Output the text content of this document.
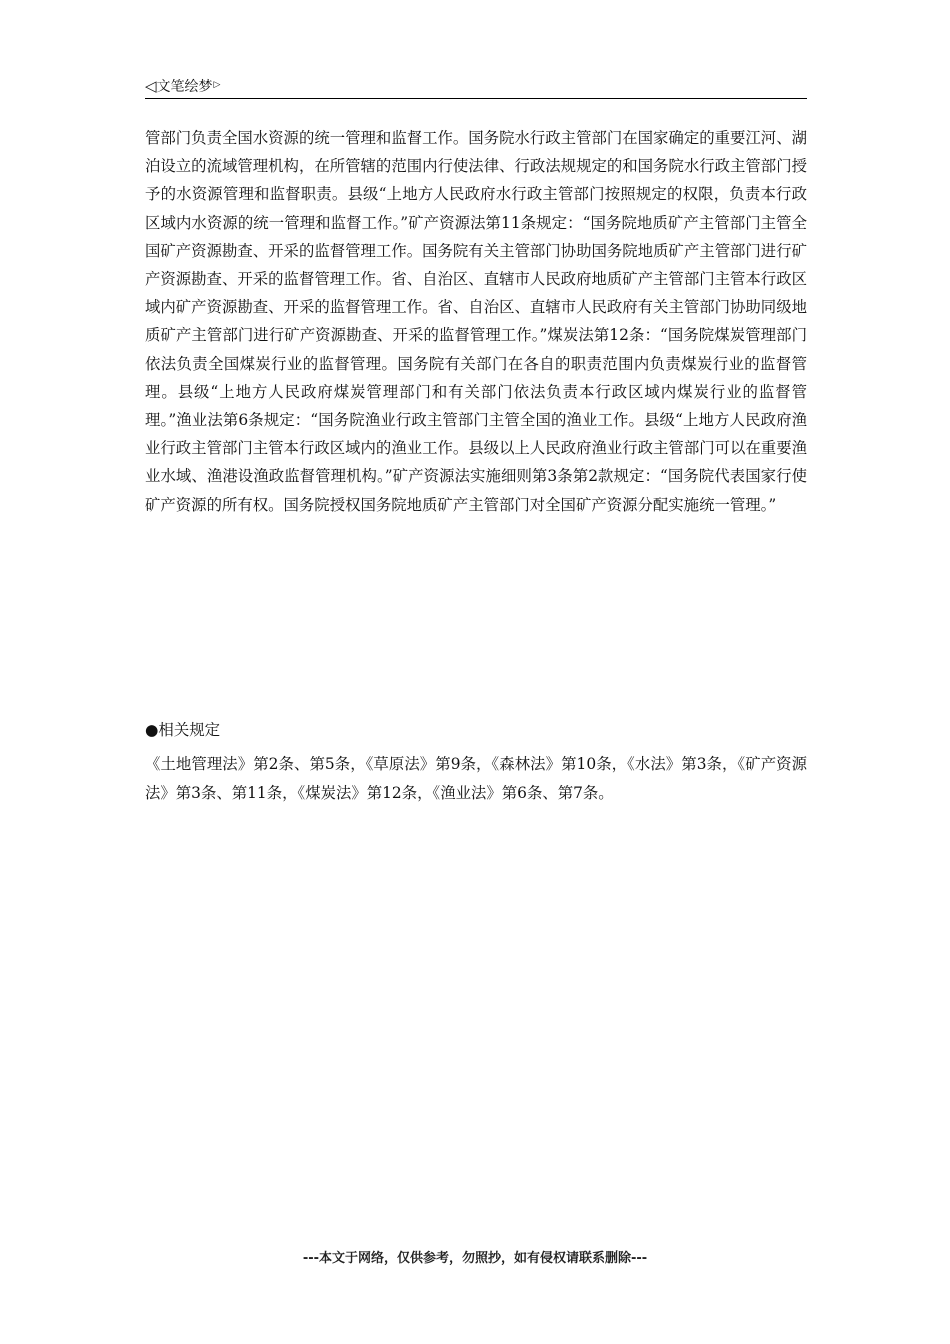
◁文笔绘梦▷

管部门负责全国水资源的统一管理和监督工作。国务院水行政主管部门在国家确定的重要江河、湖泊设立的流域管理机构，在所管辖的范围内行使法律、行政法规规定的和国务院水行政主管部门授予的水资源管理和监督职责。县级“上地方人民政府水行政主管部门按照规定的权限，负责本行政区域内水资源的统一管理和监督工作。”矿产资源法第11条规定：“国务院地质矿产主管部门主管全国矿产资源勘查、开采的监督管理工作。国务院有关主管部门协助国务院地质矿产主管部门进行矿产资源勘查、开采的监督管理工作。省、自治区、直辖市人民政府地质矿产主管部门主管本行政区域内矿产资源勘查、开采的监督管理工作。省、自治区、直辖市人民政府有关主管部门协助同级地质矿产主管部门进行矿产资源勘查、开采的监督管理工作。”煤炭法第12条：“国务院煤炭管理部门依法负责全国煤炭行业的监督管理。国务院有关部门在各自的职责范围内负责煤炭行业的监督管理。县级“上地方人民政府煤炭管理部门和有关部门依法负责本行政区域内煤炭行业的监督管理。”渔业法第6条规定：“国务院渔业行政主管部门主管全国的渔业工作。县级“上地方人民政府渔业行政主管部门主管本行政区域内的渔业工作。县级以上人民政府渔业行政主管部门可以在重要渔业水域、渔港设渔政监督管理机构。”矿产资源法实施细则第3条第2款规定：“国务院代表国家行使矿产资源的所有权。国务院授权国务院地质矿产主管部门对全国矿产资源分配实施统一管理。”

●相关规定

《土地管理法》第2条、第5条，《草原法》第9条，《森林法》第10条，《水法》第3条，《矿产资源法》第3条、第11条，《煤炭法》第12条，《渔业法》第6条、第7条。

---本文于网络，仅供参考，勿照抄，如有侵权请联系删除---
